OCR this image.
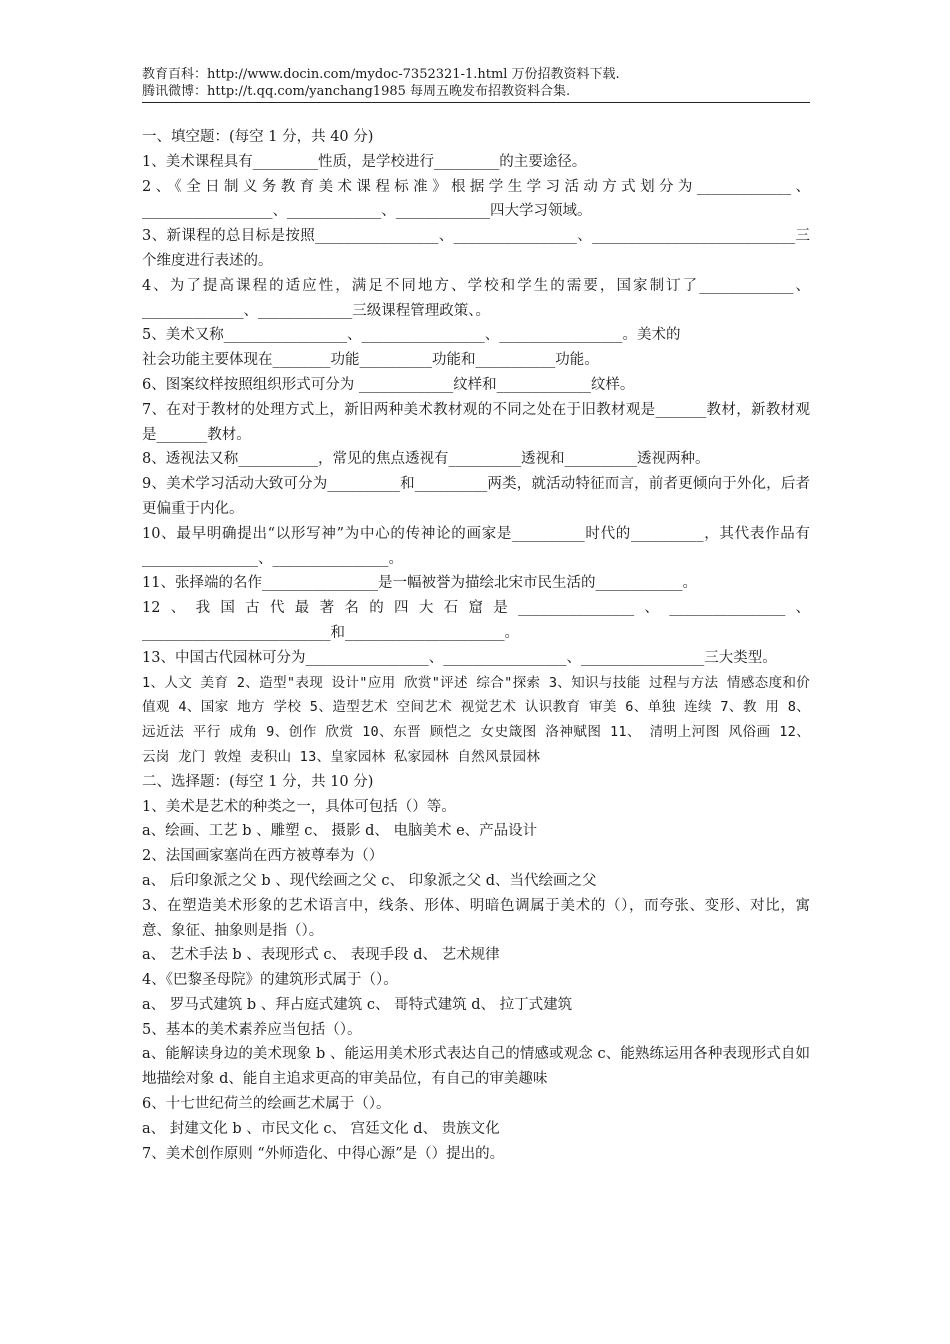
教育百科：http://www.docin.com/mydoc-7352321-1.html 万份招教资料下载.
腾讯微博：http://t.qq.com/yanchang1985 每周五晚发布招教资料合集.

一、填空题：(每空 1 分，共 40 分)

1、美术课程具有_________性质，是学校进行_________的主要途径。

2、《全日制义务教育美术课程标准》根据学生学习活动方式划分为_____________、__________________、_____________、_____________四大学习领域。

3、新课程的总目标是按照_________________、_________________、____________________________三个维度进行表述的。

4、为了提高课程的适应性，满足不同地方、学校和学生的需要，国家制订了_____________、______________、_____________三级课程管理政策、。

5、美术又称_________________、_________________、_________________。美术的

社会功能主要体现在________功能__________功能和___________功能。

6、图案纹样按照组织形式可分为 _____________纹样和_____________纹样。

7、在对于教材的处理方式上，新旧两种美术教材观的不同之处在于旧教材观是_______教材，新教材观是_______教材。

8、透视法又称___________，常见的焦点透视有__________透视和__________透视两种。

9、美术学习活动大致可分为__________和__________两类，就活动特征而言，前者更倾向于外化，后者更偏重于内化。

10、最早明确提出“以形写神”为中心的传神论的画家是__________时代的__________，其代表作品有________________、________________。

11、张择端的名作________________是一幅被誉为描绘北宋市民生活的____________。

12、我国古代最著名的四大石窟是________________、________________、__________________________和______________________。

13、中国古代园林可分为_________________、_________________、_________________三大类型。

1、人文 美育 2、造型"表现 设计"应用 欣赏"评述 综合"探索 3、知识与技能 过程与方法 情感态度和价值观 4、国家 地方 学校 5、造型艺术 空间艺术 视觉艺术 认识教育 审美 6、单独 连续 7、教 用 8、远近法 平行 成角 9、创作 欣赏 10、东晋 顾恺之 女史箴图 洛神赋图 11、 清明上河图 风俗画 12、云岗 龙门 敦煌 麦积山 13、皇家园林 私家园林 自然风景园林

二、选择题：(每空 1 分，共 10 分)

1、美术是艺术的种类之一，具体可包括（）等。

a、绘画、工艺 b 、雕塑 c、 摄影 d、 电脑美术 e、产品设计

2、法国画家塞尚在西方被尊奉为（）

a、 后印象派之父 b 、现代绘画之父 c、 印象派之父 d、当代绘画之父

3、在塑造美术形象的艺术语言中，线条、形体、明暗色调属于美术的（），而夸张、变形、对比，寓意、象征、抽象则是指（）。

a、 艺术手法 b 、表现形式 c、 表现手段 d、 艺术规律

4、《巴黎圣母院》的建筑形式属于（）。

a、 罗马式建筑 b 、拜占庭式建筑 c、 哥特式建筑 d、 拉丁式建筑

5、基本的美术素养应当包括（）。

a、能解读身边的美术现象 b 、能运用美术形式表达自己的情感或观念 c、能熟练运用各种表现形式自如地描绘对象 d、能自主追求更高的审美品位，有自己的审美趣味

6、十七世纪荷兰的绘画艺术属于（）。

a、 封建文化 b 、市民文化 c、 宫廷文化 d、 贵族文化

7、美术创作原则 “外师造化、中得心源”是（）提出的。
